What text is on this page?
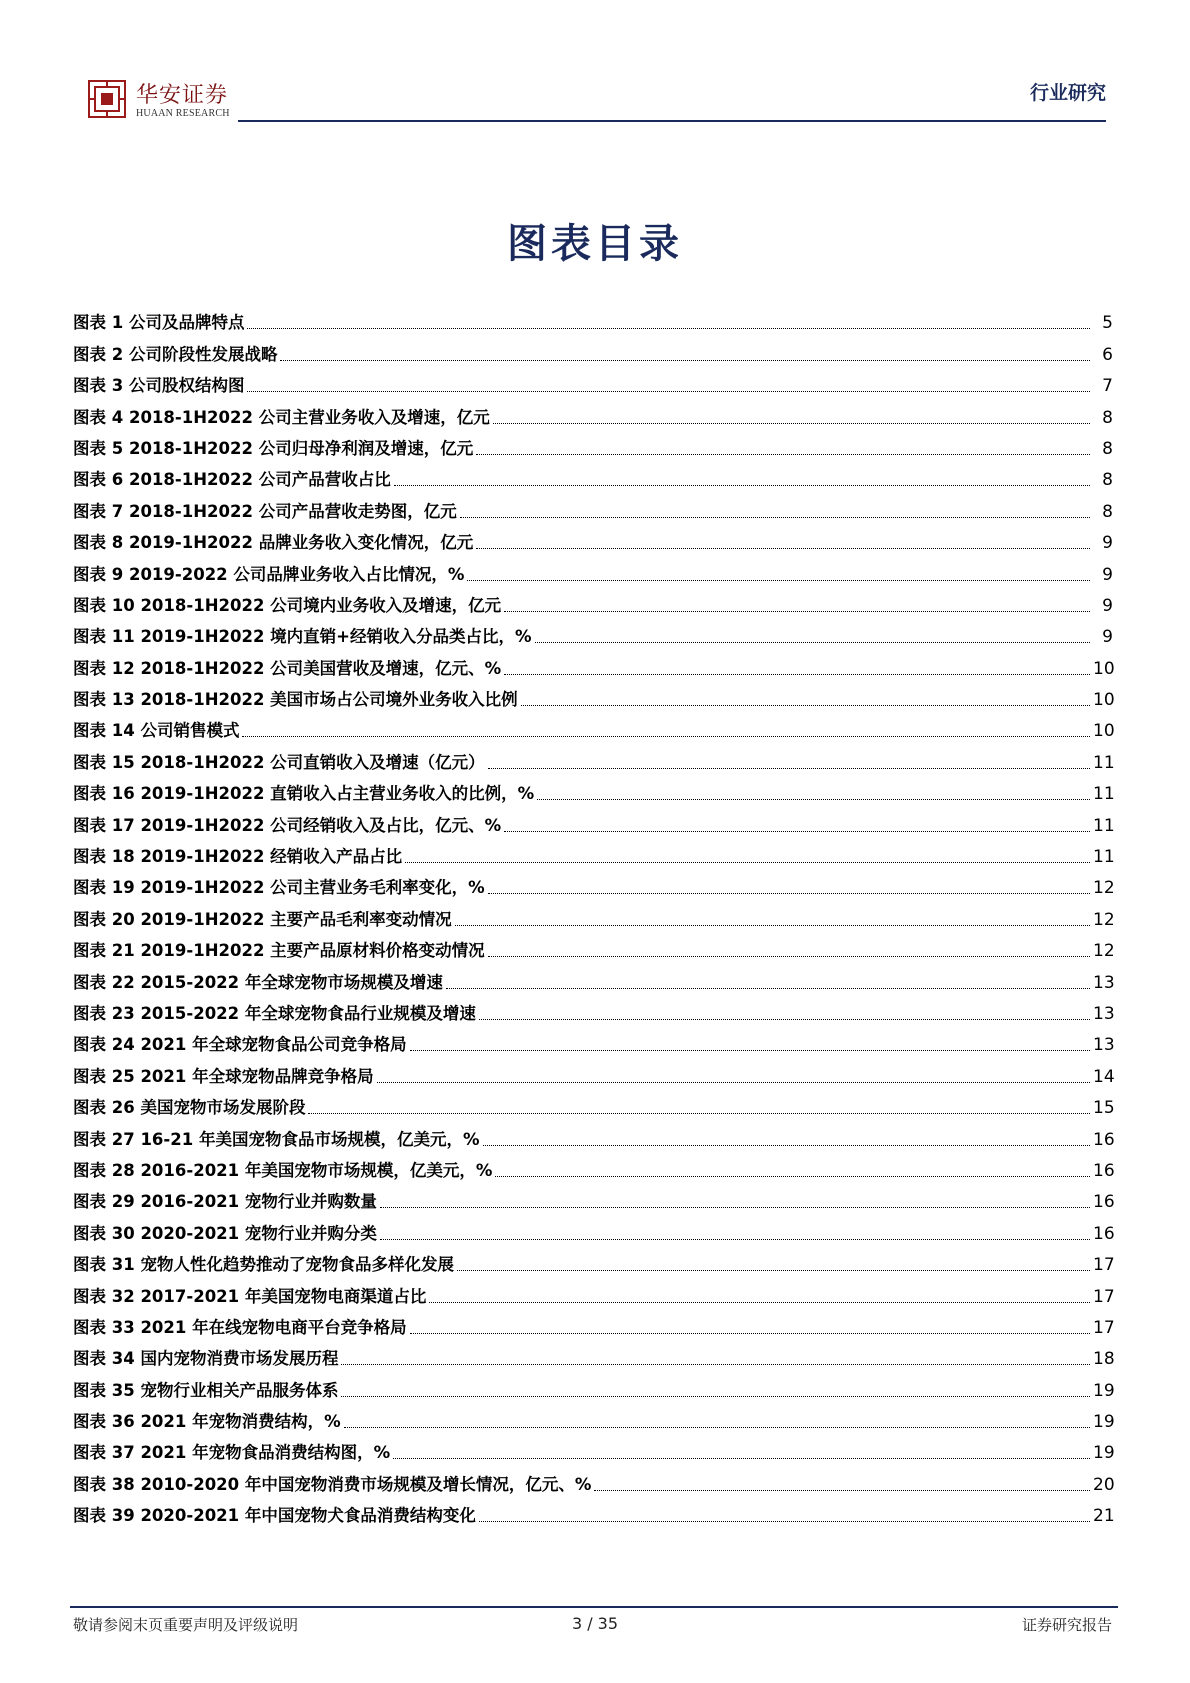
华安证券
HUAAN RESEARCH
行业研究
图表目录
图表 1 公司及品牌特点	5
图表 2 公司阶段性发展战略	6
图表 3 公司股权结构图	7
图表 4 2018-1H2022 公司主营业务收入及增速，亿元	8
图表 5 2018-1H2022 公司归母净利润及增速，亿元	8
图表 6 2018-1H2022 公司产品营收占比	8
图表 7 2018-1H2022 公司产品营收走势图，亿元	8
图表 8 2019-1H2022 品牌业务收入变化情况，亿元	9
图表 9 2019-2022 公司品牌业务收入占比情况，%	9
图表 10 2018-1H2022 公司境内业务收入及增速，亿元	9
图表 11 2019-1H2022 境内直销+经销收入分品类占比，%	9
图表 12 2018-1H2022 公司美国营收及增速，亿元、%	10
图表 13 2018-1H2022 美国市场占公司境外业务收入比例	10
图表 14 公司销售模式	10
图表 15 2018-1H2022 公司直销收入及增速（亿元）	11
图表 16 2019-1H2022 直销收入占主营业务收入的比例，%	11
图表 17 2019-1H2022 公司经销收入及占比，亿元、%	11
图表 18 2019-1H2022 经销收入产品占比	11
图表 19 2019-1H2022 公司主营业务毛利率变化，%	12
图表 20 2019-1H2022 主要产品毛利率变动情况	12
图表 21 2019-1H2022 主要产品原材料价格变动情况	12
图表 22 2015-2022 年全球宠物市场规模及增速	13
图表 23 2015-2022 年全球宠物食品行业规模及增速	13
图表 24 2021 年全球宠物食品公司竞争格局	13
图表 25 2021 年全球宠物品牌竞争格局	14
图表 26 美国宠物市场发展阶段	15
图表 27 16-21 年美国宠物食品市场规模，亿美元，%	16
图表 28 2016-2021 年美国宠物市场规模，亿美元，%	16
图表 29 2016-2021 宠物行业并购数量	16
图表 30 2020-2021 宠物行业并购分类	16
图表 31 宠物人性化趋势推动了宠物食品多样化发展	17
图表 32 2017-2021 年美国宠物电商渠道占比	17
图表 33 2021 年在线宠物电商平台竞争格局	17
图表 34 国内宠物消费市场发展历程	18
图表 35 宠物行业相关产品服务体系	19
图表 36 2021 年宠物消费结构，%	19
图表 37 2021 年宠物食品消费结构图，%	19
图表 38 2010-2020 年中国宠物消费市场规模及增长情况，亿元、%	20
图表 39 2020-2021 年中国宠物犬食品消费结构变化	21
敬请参阅末页重要声明及评级说明	3 / 35	证券研究报告
